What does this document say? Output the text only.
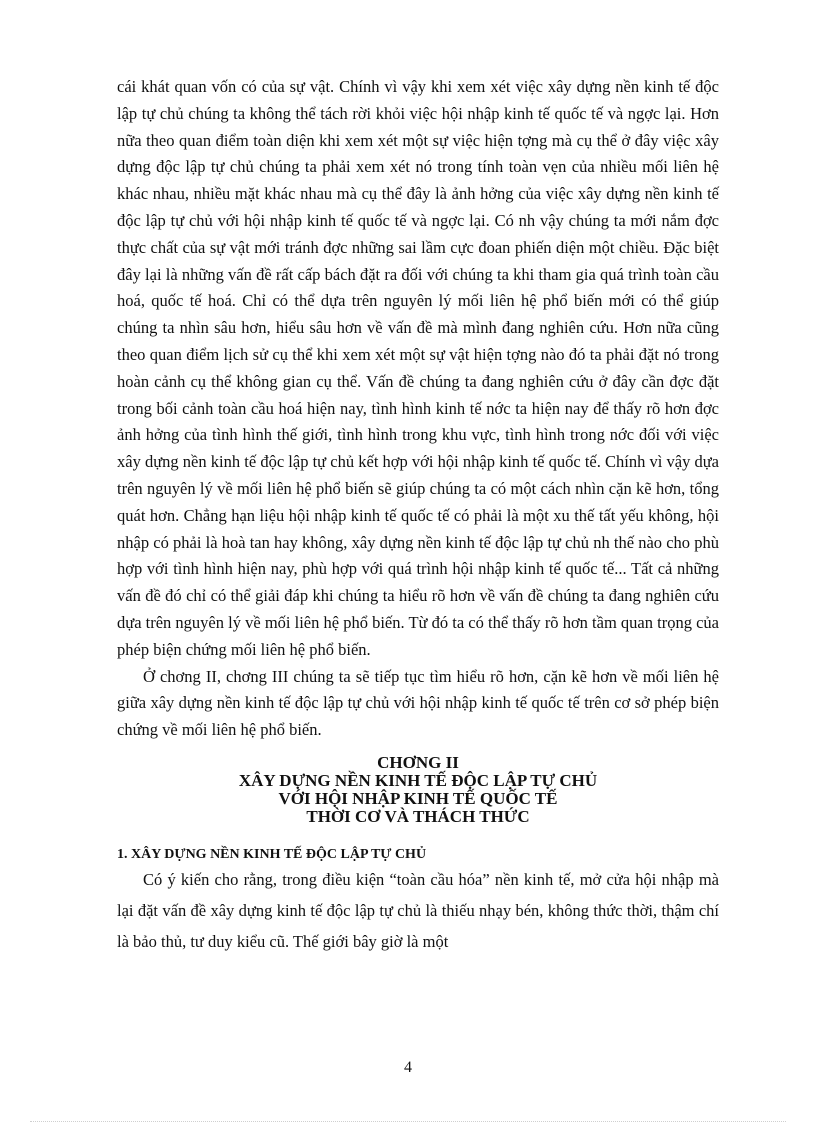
cái khát quan vốn có của sự vật. Chính vì vậy khi xem xét việc xây dựng nền kinh tế độc lập tự chủ chúng ta không thể tách rời khỏi việc hội nhập kinh tế quốc tế và ngợc lại. Hơn nữa theo quan điểm toàn diện khi xem xét một sự việc hiện tợng mà cụ thể ở đây việc xây dựng độc lập tự chủ chúng ta phải xem xét nó trong tính toàn vẹn của nhiều mối liên hệ khác nhau, nhiều mặt khác nhau mà cụ thể đây là ảnh hởng của việc xây dựng nền kinh tế độc lập tự chủ với hội nhập kinh tế quốc tế và ngợc lại. Có nh vậy chúng ta mới nắm đợc thực chất của sự vật mới tránh đợc những sai lầm cực đoan phiến diện một chiều. Đặc biệt đây lại là những vấn đề rất cấp bách đặt ra đối với chúng ta khi tham gia quá trình toàn cầu hoá, quốc tế hoá. Chỉ có thể dựa trên nguyên lý mối liên hệ phổ biến mới có thể giúp chúng ta nhìn sâu hơn, hiểu sâu hơn về vấn đề mà mình đang nghiên cứu. Hơn nữa cũng theo quan điểm lịch sử cụ thể khi xem xét một sự vật hiện tợng nào đó ta phải đặt nó trong hoàn cảnh cụ thể không gian cụ thể. Vấn đề chúng ta đang nghiên cứu ở đây cần đợc đặt trong bối cảnh toàn cầu hoá hiện nay, tình hình kinh tế nớc ta hiện nay để thấy rõ hơn đợc ảnh hởng của tình hình thế giới, tình hình trong khu vực, tình hình trong nớc đối với việc xây dựng nền kinh tế độc lập tự chủ kết hợp với hội nhập kinh tế quốc tế. Chính vì vậy dựa trên nguyên lý về mối liên hệ phổ biến sẽ giúp chúng ta có một cách nhìn cặn kẽ hơn, tổng quát hơn. Chẳng hạn liệu hội nhập kinh tế quốc tế có phải là một xu thế tất yếu không, hội nhập có phải là hoà tan hay không, xây dựng nền kinh tế độc lập tự chủ nh thế nào cho phù hợp với tình hình hiện nay, phù hợp với quá trình hội nhập kinh tế quốc tế... Tất cả những vấn đề đó chỉ có thể giải đáp khi chúng ta hiểu rõ hơn về vấn đề chúng ta đang nghiên cứu dựa trên nguyên lý về mối liên hệ phổ biến. Từ đó ta có thể thấy rõ hơn tầm quan trọng của phép biện chứng mối liên hệ phổ biến.

Ở chơng II, chơng III chúng ta sẽ tiếp tục tìm hiểu rõ hơn, cặn kẽ hơn về mối liên hệ giữa xây dựng nền kinh tế độc lập tự chủ với hội nhập kinh tế quốc tế trên cơ sở phép biện chứng về mối liên hệ phổ biến.

CHƠNG II
XÂY DỰNG NỀN KINH TẾ ĐỘC LẬP TỰ CHỦ
VỚI HỘI NHẬP KINH TẾ QUỐC TẾ
THỜI CƠ VÀ THÁCH THỨC
1. XÂY DỰNG NỀN KINH TẾ ĐỘC LẬP TỰ CHỦ

Có ý kiến cho rằng, trong điều kiện “toàn cầu hóa” nền kinh tế, mở cửa hội nhập mà lại đặt vấn đề xây dựng kinh tế độc lập tự chủ là thiếu nhạy bén, không thức thời, thậm chí là bảo thủ, tư duy kiểu cũ. Thế giới bây giờ là một

4
